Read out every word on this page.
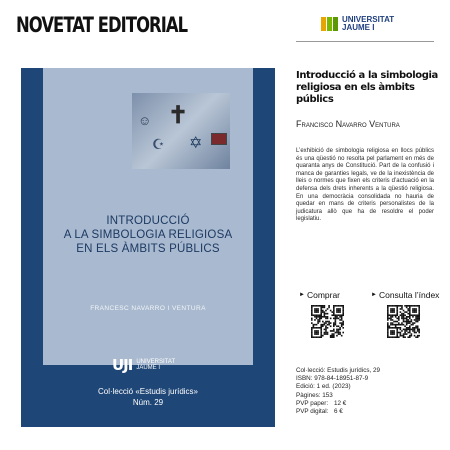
NOVETAT EDITORIAL	UNIVERSITAT
JAUME I
☺ ✝
☪ ✡
INTRODUCCIÓ
A LA SIMBOLOGIA RELIGIOSA
EN ELS ÀMBITS PÚBLICS
FRANCESC NAVARRO I VENTURA
UJI UNIVERSITAT
JAUME I
Col·lecció «Estudis jurídics»
Núm. 29
Introducció a la simbologia religiosa en els àmbits públics
Francisco Navarro Ventura
L’exhibició de simbologia religiosa en llocs públics és una qüestió no resolta pel parlament en més de quaranta anys de Constitució. Part de la confusió i manca de garanties legals, ve de la inexistència de lleis o normes que fixen els criteris d’actuació en la defensa dels drets inherents a la qüestió religiosa. En una democràcia consolidada no hauria de quedar en mans de criteris personalistes de la judicatura allò que ha de resoldre el poder legislatiu.
► Comprar	► Consulta l’índex
Col·lecció: Estudis jurídics, 29
ISBN: 978-84-18951-87-9
Edició: 1 ed. (2023)
Pàgines: 153
PVP paper: 12 €
PVP digital: 6 €
